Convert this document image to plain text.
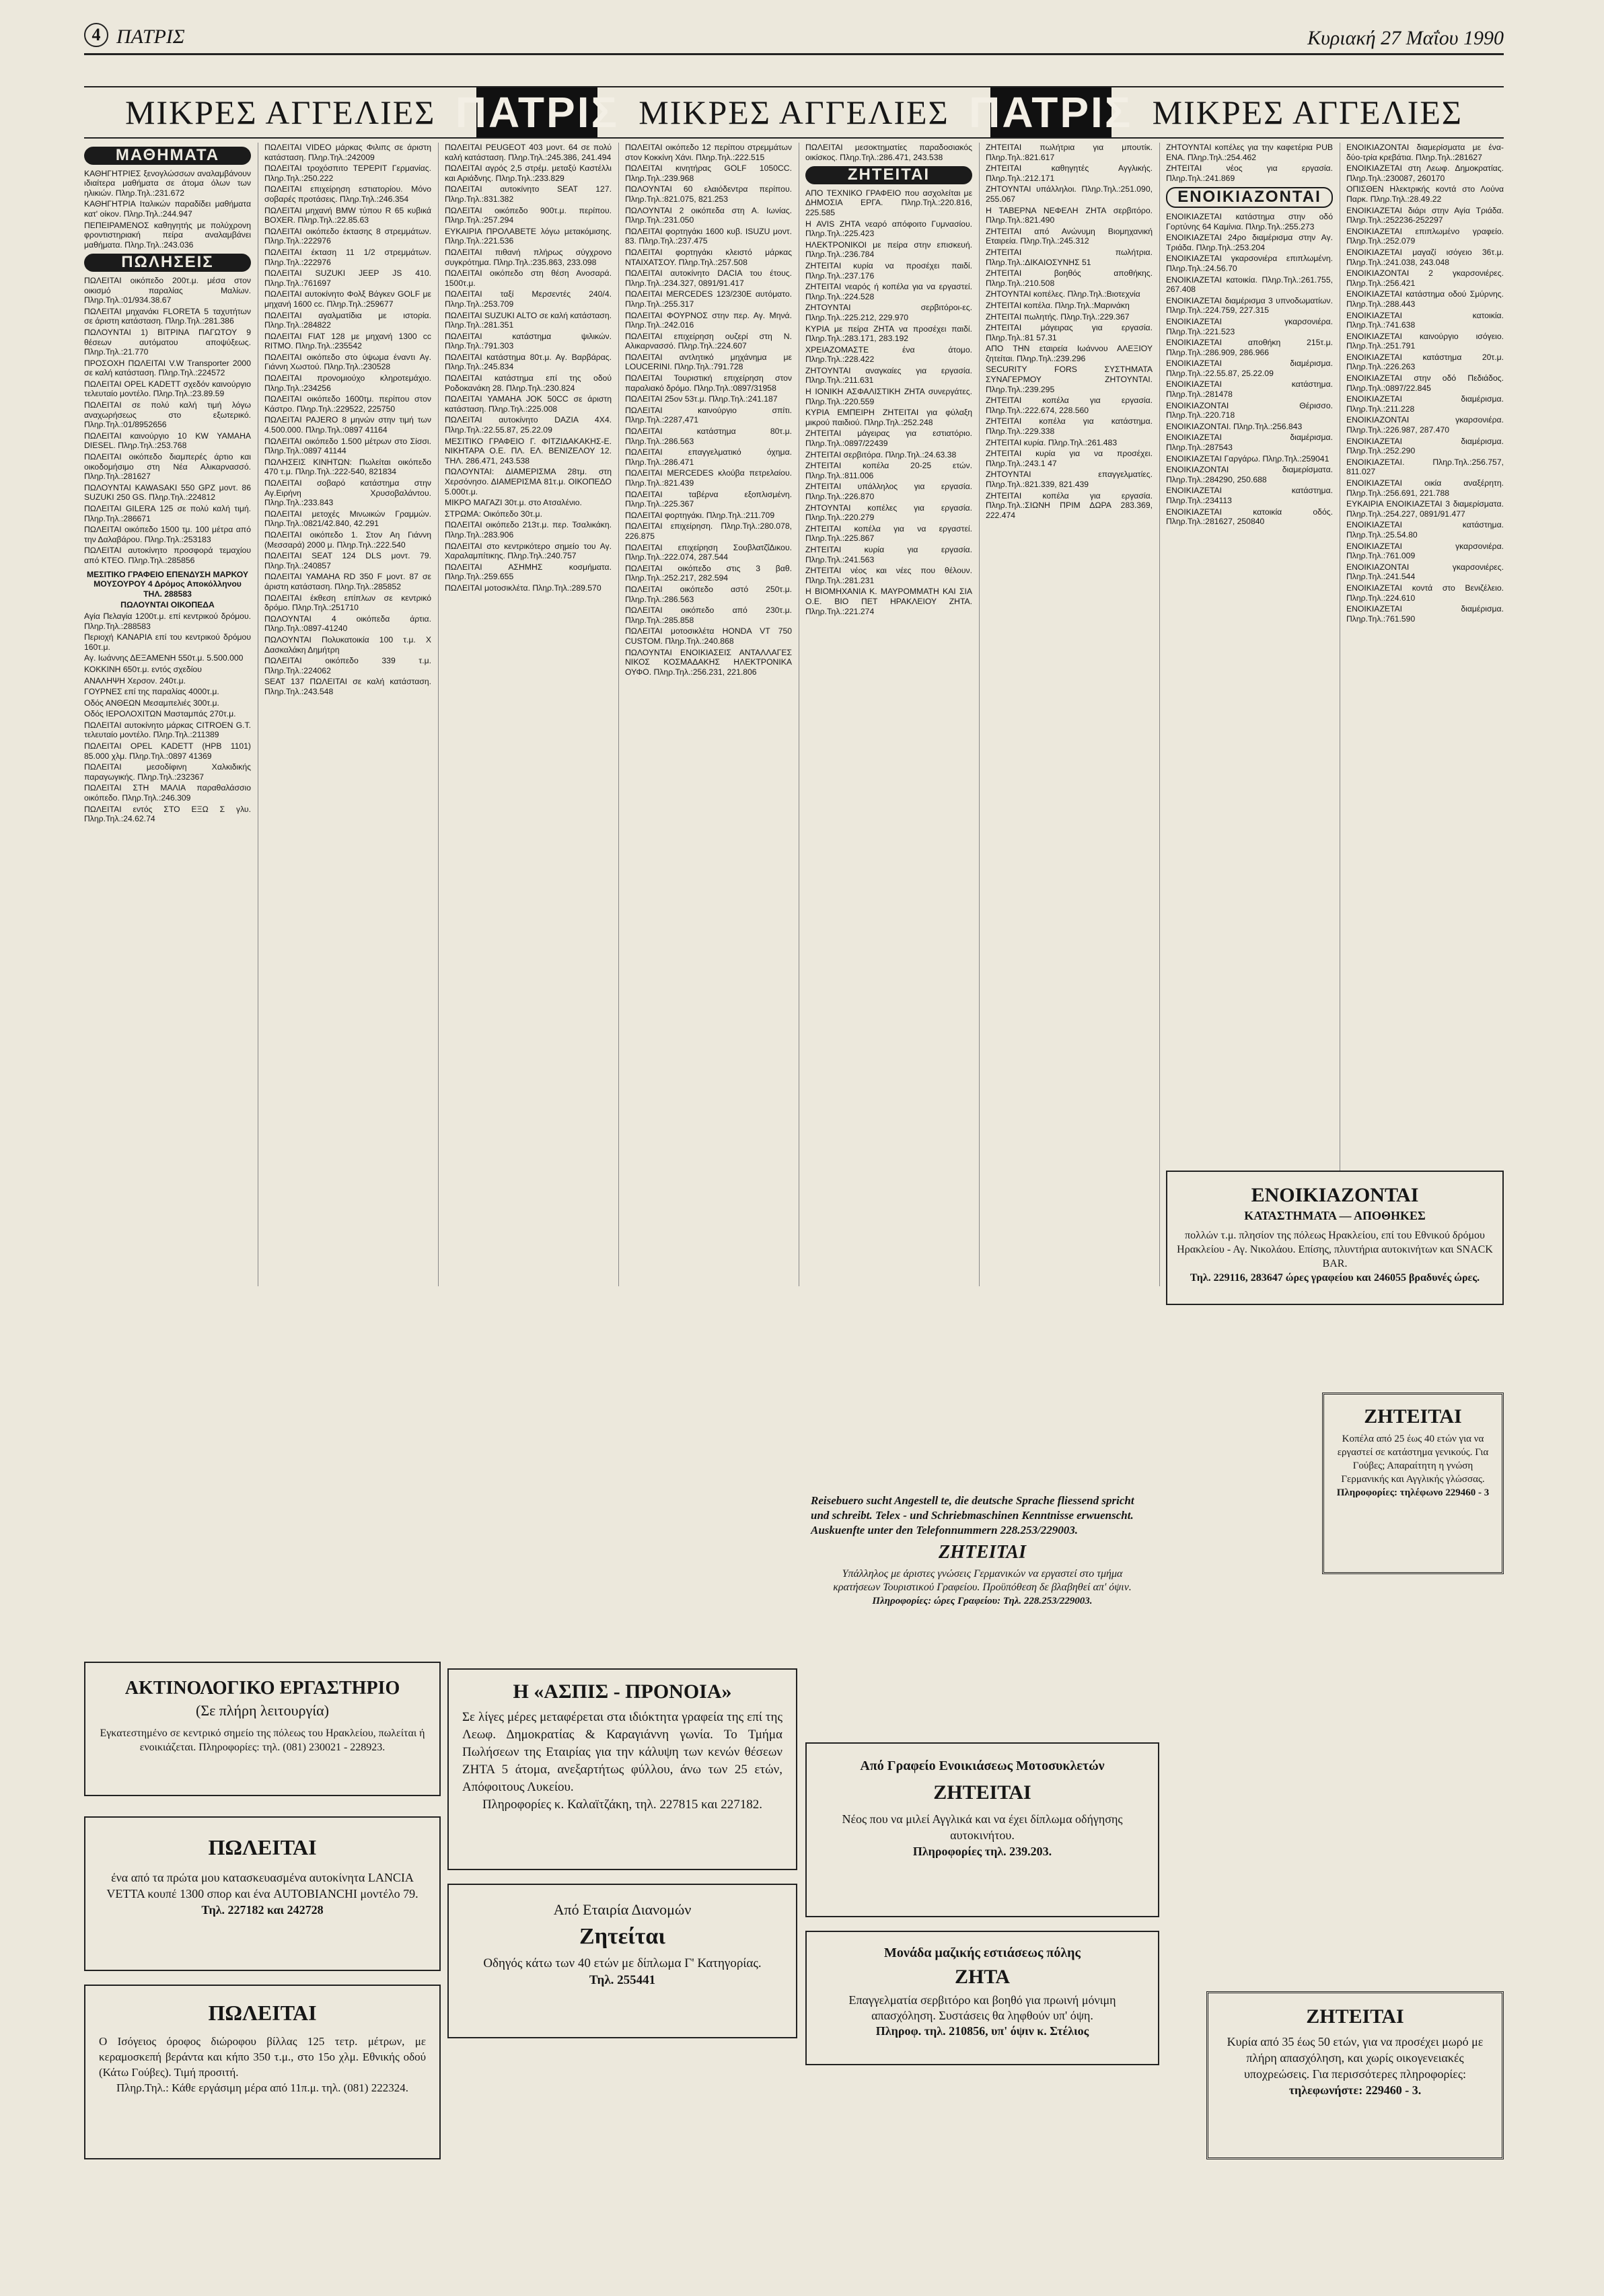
4 ΠΑΤΡΙΣ	Κυριακή 27 Μαΐου 1990
ΜΙΚΡΕΣ ΑΓΓΕΛΙΕΣ ΠΑΤΡΙΣ ΜΙΚΡΕΣ ΑΓΓΕΛΙΕΣ ΠΑΤΡΙΣ ΜΙΚΡΕΣ ΑΓΓΕΛΙΕΣ
ΜΑΘΗΜΑΤΑ

ΚΑΘΗΓΗΤΡΙΕΣ ξενογλώσσων αναλαμβάνουν ιδιαίτερα μαθήματα σε άτομα όλων των ηλικιών. Πληρ.Τηλ.:231.672

ΚΑΘΗΓΗΤΡΙΑ Ιταλικών παραδίδει μαθήματα κατ' οίκον. Πληρ.Τηλ.:244.947

ΠΕΠΕΙΡΑΜΕΝΟΣ καθηγητής με πολύχρονη φροντιστηριακή πείρα αναλαμβάνει μαθήματα. Πληρ.Τηλ.:243.036

ΠΩΛΗΣΕΙΣ

ΠΩΛΕΙΤΑΙ οικόπεδο 200τ.μ. μέσα στον οικισμό παραλίας Μαλίων. Πληρ.Τηλ.:01/934.38.67

ΠΩΛΕΙΤΑΙ μηχανάκι FLORETA 5 ταχυτήτων σε άριστη κατάσταση. Πληρ.Τηλ.:281.386

ΠΩΛΟΥΝΤΑΙ 1) ΒΙΤΡΙΝΑ ΠΑΓΩΤΟΥ 9 θέσεων αυτόματου αποψύξεως. Πληρ.Τηλ.:21.770

ΠΡΟΣΟΧΗ ΠΩΛΕΙΤΑΙ V.W Transporter 2000 σε καλή κατάσταση. Πληρ.Τηλ.:224572

ΠΩΛΕΙΤΑΙ OPEL KADETT σχεδόν καινούργιο τελευταίο μοντέλο. Πληρ.Τηλ.:23.89.59

ΠΩΛΕΙΤΑΙ σε πολύ καλή τιμή λόγω αναχωρήσεως στο εξωτερικό. Πληρ.Τηλ.:01/8952656

ΠΩΛΕΙΤΑΙ καινούργιο 10 KW YAMAHA DIESEL. Πληρ.Τηλ.:253.768

ΠΩΛΕΙΤΑΙ οικόπεδο διαμπερές άρτιο και οικοδομήσιμο στη Νέα Αλικαρνασσό. Πληρ.Τηλ.:281627

ΠΩΛΟΥΝΤΑΙ KAWASAKI 550 GPZ μοντ. 86 SUZUKI 250 GS. Πληρ.Τηλ.:224812

ΠΩΛΕΙΤΑΙ GILERA 125 σε πολύ καλή τιμή. Πληρ.Τηλ.:286671

ΠΩΛΕΙΤΑΙ οικόπεδο 1500 τμ. 100 μέτρα από την Δαλαβάρου. Πληρ.Τηλ.:253183

ΠΩΛΕΙΤΑΙ αυτοκίνητο προσφορά τεμαχίου από ΚΤΕΟ. Πληρ.Τηλ.:285856

ΜΕΣΙΤΙΚΟ ΓΡΑΦΕΙΟ ΕΠΕΝΔΥΣΗ ΜΑΡΚΟΥ ΜΟΥΣΟΥΡΟΥ 4 Δρόμος Αποκόλληνου ΤΗΛ. 288583

ΠΩΛΟΥΝΤΑΙ ΟΙΚΟΠΕΔΑ

Αγία Πελαγία 1200τ.μ. επί κεντρικού δρόμου. Πληρ.Τηλ.:288583

Περιοχή ΚΑΝΑΡΙΑ επί του κεντρικού δρόμου 160τ.μ.

Αγ. Ιωάννης ΔΕΞΑΜΕΝΗ 550τ.μ. 5.500.000

ΚΟΚΚΙΝΗ 650τ.μ. εντός σχεδίου

ΑΝΑΛΗΨΗ Χερσον. 240τ.μ.

ΓΟΥΡΝΕΣ επί της παραλίας 4000τ.μ.

Οδός ΑΝΘΕΩΝ Μεσαμπελιές 300τ.μ.

Οδός ΙΕΡΟΛΟΧΙΤΩΝ Μασταμπάς 270τ.μ.

ΠΩΛΕΙΤΑΙ αυτοκίνητο μάρκας CITROEN G.T. τελευταίο μοντέλο. Πληρ.Τηλ.:211389

ΠΩΛΕΙΤΑΙ OPEL KADETT (HPB 1101) 85.000 χλμ. Πληρ.Τηλ.:0897 41369

ΠΩΛΕΙΤΑΙ μεσοδίφινη Χαλκιδικής παραγωγικής. Πληρ.Τηλ.:232367

ΠΩΛΕΙΤΑΙ ΣΤΗ ΜΑΛΙΑ παραθαλάσσιο οικόπεδο. Πληρ.Τηλ.:246.309

ΠΩΛΕΙΤΑΙ εντός ΣΤΟ ΕΞΩ Σ γλυ. Πληρ.Τηλ.:24.62.74

ΠΩΛΕΙΤΑΙ VIDEO μάρκας Φιλιπς σε άριστη κατάσταση. Πληρ.Τηλ.:242009

ΠΩΛΕΙΤΑΙ τροχόσπιτο TEPEPIT Γερμανίας. Πληρ.Τηλ.:250.222

ΠΩΛΕΙΤΑΙ επιχείρηση εστιατορίου. Μόνο σοβαρές προτάσεις. Πληρ.Τηλ.:246.354

ΠΩΛΕΙΤΑΙ μηχανή BMW τύπου R 65 κυβικά BOXER. Πληρ.Τηλ.:22.85.63

ΠΩΛΕΙΤΑΙ οικόπεδο έκτασης 8 στρεμμάτων. Πληρ.Τηλ.:222976

ΠΩΛΕΙΤΑΙ έκταση 11 1/2 στρεμμάτων. Πληρ.Τηλ.:222976

ΠΩΛΕΙΤΑΙ SUZUKI JEEP JS 410. Πληρ.Τηλ.:761697

ΠΩΛΕΙΤΑΙ αυτοκίνητο Φολξ Βάγκεν GOLF με μηχανή 1600 cc. Πληρ.Τηλ.:259677

ΠΩΛΕΙΤΑΙ αγαλματίδια με ιστορία. Πληρ.Τηλ.:284822

ΠΩΛΕΙΤΑΙ FIAT 128 με μηχανή 1300 cc RITMO. Πληρ.Τηλ.:235542

ΠΩΛΕΙΤΑΙ οικόπεδο στο ύψωμα έναντι Αγ. Γιάννη Χωστού. Πληρ.Τηλ.:230528

ΠΩΛΕΙΤΑΙ προνομιούχο κληροτεμάχιο. Πληρ.Τηλ.:234256

ΠΩΛΕΙΤΑΙ οικόπεδο 1600τμ. περίπου στον Κάστρο. Πληρ.Τηλ.:229522, 225750

ΠΩΛΕΙΤΑΙ PAJERO 8 μηνών στην τιμή των 4.500.000. Πληρ.Τηλ.:0897 41164

ΠΩΛΕΙΤΑΙ οικόπεδο 1.500 μέτρων στο Σίσσι. Πληρ.Τηλ.:0897 41144

ΠΩΛΗΣΕΙΣ ΚΙΝΗΤΩΝ: Πωλείται οικόπεδο 470 τ.μ. Πληρ.Τηλ.:222-540, 821834

ΠΩΛΕΙΤΑΙ σοβαρό κατάστημα στην Αγ.Ειρήνη Χρυσοβαλάντου. Πληρ.Τηλ.:233.843

ΠΩΛΕΙΤΑΙ μετοχές Μινωικών Γραμμών. Πληρ.Τηλ.:0821/42.840, 42.291

ΠΩΛΕΙΤΑΙ οικόπεδο 1. Στον Αη Γιάννη (Μεσσαρά) 2000 μ. Πληρ.Τηλ.:222.540

ΠΩΛΕΙΤΑΙ SEAT 124 DLS μοντ. 79. Πληρ.Τηλ.:240857

ΠΩΛΕΙΤΑΙ YAMAHA RD 350 F μοντ. 87 σε άριστη κατάσταση. Πληρ.Τηλ.:285852

ΠΩΛΕΙΤΑΙ έκθεση επίπλων σε κεντρικό δρόμο. Πληρ.Τηλ.:251710

ΠΩΛΟΥΝΤΑΙ 4 οικόπεδα άρτια. Πληρ.Τηλ.:0897-41240

ΠΩΛΟΥΝΤΑΙ Πολυκατοικία 100 τ.μ. Χ Δασκαλάκη Δημήτρη

ΠΩΛΕΙΤΑΙ οικόπεδο 339 τ.μ. Πληρ.Τηλ.:224062

SEAT 137 ΠΩΛΕΙΤΑΙ σε καλή κατάσταση. Πληρ.Τηλ.:243.548

ΠΩΛΕΙΤΑΙ PEUGEOT 403 μοντ. 64 σε πολύ καλή κατάσταση. Πληρ.Τηλ.:245.386, 241.494

ΠΩΛΕΙΤΑΙ αγρός 2,5 στρέμ. μεταξύ Καστέλλι και Αριάδνης. Πληρ.Τηλ.:233.829

ΠΩΛΕΙΤΑΙ αυτοκίνητο SEAT 127. Πληρ.Τηλ.:831.382

ΠΩΛΕΙΤΑΙ οικόπεδο 900τ.μ. περίπου. Πληρ.Τηλ.:257.294

ΕΥΚΑΙΡΙΑ ΠΡΟΛΑΒΕΤΕ λόγω μετακόμισης. Πληρ.Τηλ.:221.536

ΠΩΛΕΙΤΑΙ πιθανή πλήρως σύγχρονο συγκρότημα. Πληρ.Τηλ.:235.863, 233.098

ΠΩΛΕΙΤΑΙ οικόπεδο στη θέση Ανοσαρά. 1500τ.μ.

ΠΩΛΕΙΤΑΙ ταξί Μερσεντές 240/4. Πληρ.Τηλ.:253.709

ΠΩΛΕΙΤΑΙ SUZUKI ALTO σε καλή κατάσταση. Πληρ.Τηλ.:281.351

ΠΩΛΕΙΤΑΙ κατάστημα ψιλικών. Πληρ.Τηλ.:791.303

ΠΩΛΕΙΤΑΙ κατάστημα 80τ.μ. Αγ. Βαρβάρας. Πληρ.Τηλ.:245.834

ΠΩΛΕΙΤΑΙ κατάστημα επί της οδού Ροδοκανάκη 28. Πληρ.Τηλ.:230.824

ΠΩΛΕΙΤΑΙ YAMAHA JOK 50CC σε άριστη κατάσταση. Πληρ.Τηλ.:225.008

ΠΩΛΕΙΤΑΙ αυτοκίνητο DAZIA 4X4. Πληρ.Τηλ.:22.55.87, 25.22.09

ΜΕΣΙΤΙΚΟ ΓΡΑΦΕΙΟ Γ. ΦΙΤΖΙΔΑΚΑΚΗΣ-Ε. ΝΙΚΗΤΑΡΑ Ο.Ε. ΠΛ. ΕΛ. ΒΕΝΙΖΕΛΟΥ 12. ΤΗΛ. 286.471, 243.538

ΠΩΛΟΥΝΤΑΙ: ΔΙΑΜΕΡΙΣΜΑ 28τμ. στη Χερσόνησο. ΔΙΑΜΕΡΙΣΜΑ 81τ.μ. ΟΙΚΟΠΕΔΟ 5.000τ.μ.

ΜΙΚΡΟ ΜΑΓΑΖΙ 30τ.μ. στο Ατσαλένιο.

ΣΤΡΩΜΑ: Οικόπεδο 30τ.μ.

ΠΩΛΕΙΤΑΙ οικόπεδο 213τ.μ. περ. Τσαλικάκη. Πληρ.Τηλ.:283.906

ΠΩΛΕΙΤΑΙ στο κεντρικότερο σημείο του Αγ. Χαραλαμπίτικης. Πληρ.Τηλ.:240.757

ΠΩΛΕΙΤΑΙ ΑΣΗΜΗΣ κοσμήματα. Πληρ.Τηλ.:259.655

ΠΩΛΕΙΤΑΙ μοτοσικλέτα. Πληρ.Τηλ.:289.570

ΠΩΛΕΙΤΑΙ οικόπεδο 12 περίπου στρεμμάτων στον Κοκκίνη Χάνι. Πληρ.Τηλ.:222.515

ΠΩΛΕΙΤΑΙ κινητήρας GOLF 1050CC. Πληρ.Τηλ.:239.968

ΠΩΛΟΥΝΤΑΙ 60 ελαιόδεντρα περίπου. Πληρ.Τηλ.:821.075, 821.253

ΠΩΛΟΥΝΤΑΙ 2 οικόπεδα στη Α. Ιωνίας. Πληρ.Τηλ.:231.050

ΠΩΛΕΙΤΑΙ φορτηγάκι 1600 κυβ. ISUZU μοντ. 83. Πληρ.Τηλ.:237.475

ΠΩΛΕΙΤΑΙ φορτηγάκι κλειστό μάρκας ΝΤΑΙΧΑΤΣΟΥ. Πληρ.Τηλ.:257.508

ΠΩΛΕΙΤΑΙ αυτοκίνητο DACIA του έτους. Πληρ.Τηλ.:234.327, 0891/91.417

ΠΩΛΕΙΤΑΙ MERCEDES 123/230E αυτόματο. Πληρ.Τηλ.:255.317

ΠΩΛΕΙΤΑΙ ΦΟΥΡΝΟΣ στην περ. Αγ. Μηνά. Πληρ.Τηλ.:242.016

ΠΩΛΕΙΤΑΙ επιχείρηση ουζερί στη Ν. Αλικαρνασσό. Πληρ.Τηλ.:224.607

ΠΩΛΕΙΤΑΙ αντλητικό μηχάνημα με LOUCERINI. Πληρ.Τηλ.:791.728

ΠΩΛΕΙΤΑΙ Τουριστική επιχείρηση στον παραλιακό δρόμο. Πληρ.Τηλ.:0897/31958

ΠΩΛΕΙΤΑΙ 25ον 53τ.μ. Πληρ.Τηλ.:241.187

ΠΩΛΕΙΤΑΙ καινούργιο σπίτι. Πληρ.Τηλ.:2287,471

ΠΩΛΕΙΤΑΙ κατάστημα 80τ.μ. Πληρ.Τηλ.:286.563

ΠΩΛΕΙΤΑΙ επαγγελματικό όχημα. Πληρ.Τηλ.:286.471

ΠΩΛΕΙΤΑΙ MERCEDES κλούβα πετρελαίου. Πληρ.Τηλ.:821.439

ΠΩΛΕΙΤΑΙ ταβέρνα εξοπλισμένη. Πληρ.Τηλ.:225.367

ΠΩΛΕΙΤΑΙ φορτηγάκι. Πληρ.Τηλ.:211.709

ΠΩΛΕΙΤΑΙ επιχείρηση. Πληρ.Τηλ.:280.078, 226.875

ΠΩΛΕΙΤΑΙ επιχείρηση ΣουβλατζΐΔικου. Πληρ.Τηλ.:222.074, 287.544

ΠΩΛΕΙΤΑΙ οικόπεδο στις 3 βαθ. Πληρ.Τηλ.:252.217, 282.594

ΠΩΛΕΙΤΑΙ οικόπεδο αστό 250τ.μ. Πληρ.Τηλ.:286.563

ΠΩΛΕΙΤΑΙ οικόπεδο από 230τ.μ. Πληρ.Τηλ.:285.858

ΠΩΛΕΙΤΑΙ μοτοσικλέτα HONDA VT 750 CUSTOM. Πληρ.Τηλ.:240.868

ΠΩΛΟΥΝΤΑΙ ΕΝΟΙΚΙΑΣΕΙΣ ΑΝΤΑΛΛΑΓΕΣ ΝΙΚΟΣ ΚΟΣΜΑΔΑΚΗΣ ΗΛΕΚΤΡΟΝΙΚΑ ΟΥΦΟ. Πληρ.Τηλ.:256.231, 221.806

ΠΩΛΕΙΤΑΙ μεσοκτηματίες παραδοσιακός οικίσκος. Πληρ.Τηλ.:286.471, 243.538

ΖΗΤΕΙΤΑΙ

ΑΠΟ ΤΕΧΝΙΚΟ ΓΡΑΦΕΙΟ που ασχολείται με ΔΗΜΟΣΙΑ ΕΡΓΑ. Πληρ.Τηλ.:220.816, 225.585

Η AVIS ΖΗΤΑ νεαρό απόφοιτο Γυμνασίου. Πληρ.Τηλ.:225.423

ΗΛΕΚΤΡΟΝΙΚΟΙ με πείρα στην επισκευή. Πληρ.Τηλ.:236.784

ΖΗΤΕΙΤΑΙ κυρία να προσέχει παιδί. Πληρ.Τηλ.:237.176

ΖΗΤΕΙΤΑΙ νεαρός ή κοπέλα για να εργαστεί. Πληρ.Τηλ.:224.528

ΖΗΤΟΥΝΤΑΙ σερβιτόροι-ες. Πληρ.Τηλ.:225.212, 229.970

ΚΥΡΙΑ με πείρα ΖΗΤΑ να προσέχει παιδί. Πληρ.Τηλ.:283.171, 283.192

ΧΡΕΙΑΖΟΜΑΣΤΕ ένα άτομο. Πληρ.Τηλ.:228.422

ΖΗΤΟΥΝΤΑΙ αναγκαίες για εργασία. Πληρ.Τηλ.:211.631

Η ΙΟΝΙΚΗ ΑΣΦΑΛΙΣΤΙΚΗ ΖΗΤΑ συνεργάτες. Πληρ.Τηλ.:220.559

ΚΥΡΙΑ ΕΜΠΕΙΡΗ ΖΗΤΕΙΤΑΙ για φύλαξη μικρού παιδιού. Πληρ.Τηλ.:252.248

ΖΗΤΕΙΤΑΙ μάγειρας για εστιατόριο. Πληρ.Τηλ.:0897/22439

ΖΗΤΕΙΤΑΙ σερβιτόρα. Πληρ.Τηλ.:24.63.38

ΖΗΤΕΙΤΑΙ κοπέλα 20-25 ετών. Πληρ.Τηλ.:811.006

ΖΗΤΕΙΤΑΙ υπάλληλος για εργασία. Πληρ.Τηλ.:226.870

ΖΗΤΟΥΝΤΑΙ κοπέλες για εργασία. Πληρ.Τηλ.:220.279

ΖΗΤΕΙΤΑΙ κοπέλα για να εργαστεί. Πληρ.Τηλ.:225.867

ΖΗΤΕΙΤΑΙ κυρία για εργασία. Πληρ.Τηλ.:241.563

ΖΗΤΕΙΤΑΙ νέος και νέες που θέλουν. Πληρ.Τηλ.:281.231

Η ΒΙΟΜΗΧΑΝΙΑ Κ. ΜΑΥΡΟΜΜΑΤΗ ΚΑΙ ΣΙΑ Ο.Ε. ΒΙΟ ΠΕΤ ΗΡΑΚΛΕΙΟΥ ΖΗΤΑ. Πληρ.Τηλ.:221.274

ΖΗΤΕΙΤΑΙ πωλήτρια για μπουτίκ. Πληρ.Τηλ.:821.617

ΖΗΤΕΙΤΑΙ καθηγητές Αγγλικής. Πληρ.Τηλ.:212.171

ΖΗΤΟΥΝΤΑΙ υπάλληλοι. Πληρ.Τηλ.:251.090, 255.067

Η ΤΑΒΕΡΝΑ ΝΕΦΕΛΗ ΖΗΤΑ σερβιτόρο. Πληρ.Τηλ.:821.490

ΖΗΤΕΙΤΑΙ από Ανώνυμη Βιομηχανική Εταιρεία. Πληρ.Τηλ.:245.312

ΖΗΤΕΙΤΑΙ πωλήτρια. Πληρ.Τηλ.:ΔΙΚΑΙΟΣΥΝΗΣ 51

ΖΗΤΕΙΤΑΙ βοηθός αποθήκης. Πληρ.Τηλ.:210.508

ΖΗΤΟΥΝΤΑΙ κοπέλες. Πληρ.Τηλ.:Βιοτεχνία

ΖΗΤΕΙΤΑΙ κοπέλα. Πληρ.Τηλ.:Μαρινάκη

ΖΗΤΕΙΤΑΙ πωλητής. Πληρ.Τηλ.:229.367

ΖΗΤΕΙΤΑΙ μάγειρας για εργασία. Πληρ.Τηλ.:81 57.31

ΑΠΟ ΤΗΝ εταιρεία Ιωάννου ΑΛΕΞΙΟΥ ζητείται. Πληρ.Τηλ.:239.296

SECURITY FORS ΣΥΣΤΗΜΑΤΑ ΣΥΝΑΓΕΡΜΟΥ ΖΗΤΟΥΝΤΑΙ. Πληρ.Τηλ.:239.295

ΖΗΤΕΙΤΑΙ κοπέλα για εργασία. Πληρ.Τηλ.:222.674, 228.560

ΖΗΤΕΙΤΑΙ κοπέλα για κατάστημα. Πληρ.Τηλ.:229.338

ΖΗΤΕΙΤΑΙ κυρία. Πληρ.Τηλ.:261.483

ΖΗΤΕΙΤΑΙ κυρία για να προσέχει. Πληρ.Τηλ.:243.1 47

ΖΗΤΟΥΝΤΑΙ επαγγελματίες. Πληρ.Τηλ.:821.339, 821.439

ΖΗΤΕΙΤΑΙ κοπέλα για εργασία. Πληρ.Τηλ.:ΣΙΩΝΗ ΠΡΙΜ ΔΩΡΑ 283.369, 222.474

ΖΗΤΟΥΝΤΑΙ κοπέλες για την καφετέρια PUB ENA. Πληρ.Τηλ.:254.462

ΖΗΤΕΙΤΑΙ νέος για εργασία. Πληρ.Τηλ.:241.869

ΕΝΟΙΚΙΑΖΟΝΤΑΙ

ΕΝΟΙΚΙΑΖΕΤΑΙ κατάστημα στην οδό Γορτύνης 64 Καμίνια. Πληρ.Τηλ.:255.273

ΕΝΟΙΚΙΑΖΕΤΑΙ 24ρο διαμέρισμα στην Αγ. Τριάδα. Πληρ.Τηλ.:253.204

ΕΝΟΙΚΙΑΖΕΤΑΙ γκαρσονιέρα επιπλωμένη. Πληρ.Τηλ.:24.56.70

ΕΝΟΙΚΙΑΖΕΤΑΙ κατοικία. Πληρ.Τηλ.:261.755, 267.408

ΕΝΟΙΚΙΑΖΕΤΑΙ διαμέρισμα 3 υπνοδωματίων. Πληρ.Τηλ.:224.759, 227.315

ΕΝΟΙΚΙΑΖΕΤΑΙ γκαρσονιέρα. Πληρ.Τηλ.:221.523

ΕΝΟΙΚΙΑΖΕΤΑΙ αποθήκη 215τ.μ. Πληρ.Τηλ.:286.909, 286.966

ΕΝΟΙΚΙΑΖΕΤΑΙ διαμέρισμα. Πληρ.Τηλ.:22.55.87, 25.22.09

ΕΝΟΙΚΙΑΖΕΤΑΙ κατάστημα. Πληρ.Τηλ.:281478

ΕΝΟΙΚΙΑΖΟΝΤΑΙ Θέρισσο. Πληρ.Τηλ.:220.718

ΕΝΟΙΚΙΑΖΟΝΤΑΙ. Πληρ.Τηλ.:256.843

ΕΝΟΙΚΙΑΖΕΤΑΙ διαμέρισμα. Πληρ.Τηλ.:287543

ΕΝΟΙΚΙΑΖΕΤΑΙ Γαργάρω. Πληρ.Τηλ.:259041

ΕΝΟΙΚΙΑΖΟΝΤΑΙ διαμερίσματα. Πληρ.Τηλ.:284290, 250.688

ΕΝΟΙΚΙΑΖΕΤΑΙ κατάστημα. Πληρ.Τηλ.:234113

ΕΝΟΙΚΙΑΖΕΤΑΙ κατοικία οδός. Πληρ.Τηλ.:281627, 250840

ΕΝΟΙΚΙΑΖΟΝΤΑΙ διαμερίσματα με ένα-δύο-τρία κρεβάτια. Πληρ.Τηλ.:281627

ΕΝΟΙΚΙΑΖΕΤΑΙ στη Λεωφ. Δημοκρατίας. Πληρ.Τηλ.:230087, 260170

ΟΠΙΣΘΕΝ Ηλεκτρικής κοντά στο Λούνα Παρκ. Πληρ.Τηλ.:28.49.22

ΕΝΟΙΚΙΑΖΕΤΑΙ διάρι στην Αγία Τριάδα. Πληρ.Τηλ.:252236-252297

ΕΝΟΙΚΙΑΖΕΤΑΙ επιπλωμένο γραφείο. Πληρ.Τηλ.:252.079

ΕΝΟΙΚΙΑΖΕΤΑΙ μαγαζί ισόγειο 36τ.μ. Πληρ.Τηλ.:241.038, 243.048

ΕΝΟΙΚΙΑΖΟΝΤΑΙ 2 γκαρσονιέρες. Πληρ.Τηλ.:256.421

ΕΝΟΙΚΙΑΖΕΤΑΙ κατάστημα οδού Σμύρνης. Πληρ.Τηλ.:288.443

ΕΝΟΙΚΙΑΖΕΤΑΙ κατοικία. Πληρ.Τηλ.:741.638

ΕΝΟΙΚΙΑΖΕΤΑΙ καινούργιο ισόγειο. Πληρ.Τηλ.:251.791

ΕΝΟΙΚΙΑΖΕΤΑΙ κατάστημα 20τ.μ. Πληρ.Τηλ.:226.263

ΕΝΟΙΚΙΑΖΕΤΑΙ στην οδό Πεδιάδος. Πληρ.Τηλ.:0897/22.845

ΕΝΟΙΚΙΑΖΕΤΑΙ διαμέρισμα. Πληρ.Τηλ.:211.228

ΕΝΟΙΚΙΑΖΟΝΤΑΙ γκαρσονιέρα. Πληρ.Τηλ.:226.987, 287.470

ΕΝΟΙΚΙΑΖΕΤΑΙ διαμέρισμα. Πληρ.Τηλ.:252.290

ΕΝΟΙΚΙΑΖΕΤΑΙ. Πληρ.Τηλ.:256.757, 811.027

ΕΝΟΙΚΙΑΖΕΤΑΙ οικία αναξέρητη. Πληρ.Τηλ.:256.691, 221.788

ΕΥΚΑΙΡΙΑ ΕΝΟΙΚΙΑΖΕΤΑΙ 3 διαμερίσματα. Πληρ.Τηλ.:254.227, 0891/91.477

ΕΝΟΙΚΙΑΖΕΤΑΙ κατάστημα. Πληρ.Τηλ.:25.54.80

ΕΝΟΙΚΙΑΖΕΤΑΙ γκαρσονιέρα. Πληρ.Τηλ.:761.009

ΕΝΟΙΚΙΑΖΟΝΤΑΙ γκαρσονιέρες. Πληρ.Τηλ.:241.544

ΕΝΟΙΚΙΑΖΕΤΑΙ κοντά στο Βενιζέλειο. Πληρ.Τηλ.:224.610

ΕΝΟΙΚΙΑΖΕΤΑΙ διαμέρισμα. Πληρ.Τηλ.:761.590

ΕΝΟΙΚΙΑΖΟΝΤΑΙ

ΚΑΤΑΣΤΗΜΑΤΑ — ΑΠΟΘΗΚΕΣ

πολλών τ.μ. πλησίον της πόλεως Ηρακλείου, επί του Εθνικού δρόμου Ηρακλείου - Αγ. Νικολάου. Επίσης, πλυντήρια αυτοκινήτων και SNACK BAR.

Τηλ. 229116, 283647 ώρες γραφείου και 246055 βραδυνές ώρες.

Reisebuero sucht Angestell te, die deutsche Sprache fliessend spricht und schreibt. Telex - und Schriebmaschinen Kenntnisse erwuenscht. Auskuenfte unter den Telefonnummern 228.253/229003.

ΖΗΤΕΙΤΑΙ

Υπάλληλος με άριστες γνώσεις Γερμανικών να εργαστεί στο τμήμα κρατήσεων Τουριστικού Γραφείου. Προϋπόθεση δε βλαβηθεί απ' όψιν.

Πληροφορίες: ώρες Γραφείου: Τηλ. 228.253/229003.

ΖΗΤΕΙΤΑΙ

Κοπέλα από 25 έως 40 ετών για να εργαστεί σε κατάστημα γενικούς. Για Γούβες; Απαραίτητη η γνώση Γερμανικής και Αγγλικής γλώσσας.

Πληροφορίες: τηλέφωνο 229460 - 3

ΑΚΤΙΝΟΛΟΓΙΚΟ ΕΡΓΑΣΤΗΡΙΟ

(Σε πλήρη λειτουργία)

Εγκατεστημένο σε κεντρικό σημείο της πόλεως του Ηρακλείου, πωλείται ή ενοικιάζεται. Πληροφορίες: τηλ. (081) 230021 - 228923.

Η «ΑΣΠΙΣ - ΠΡΟΝΟΙΑ»

Σε λίγες μέρες μεταφέρεται στα ιδιόκτητα γραφεία της επί της Λεωφ. Δημοκρατίας & Καραγιάννη γωνία. Το Τμήμα Πωλήσεων της Εταιρίας για την κάλυψη των κενών θέσεων ΖΗΤΑ 5 άτομα, ανεξαρτήτως φύλλου, άνω των 25 ετών, Απόφοιτους Λυκείου.

Πληροφορίες κ. Καλαϊτζάκη, τηλ. 227815 και 227182.

Από Γραφείο Ενοικιάσεως Μοτοσυκλετών

ΖΗΤΕΙΤΑΙ

Νέος που να μιλεί Αγγλικά και να έχει δίπλωμα οδήγησης αυτοκινήτου.

Πληροφορίες τηλ. 239.203.

ΖΗΤΕΙΤΑΙ

Κυρία από 35 έως 50 ετών, για να προσέχει μωρό με πλήρη απασχόληση, και χωρίς οικογενειακές υποχρεώσεις. Για περισσότερες πληροφορίες:

τηλεφωνήστε: 229460 - 3.

ΠΩΛΕΙΤΑΙ

ένα από τα πρώτα μου κατασκευασμένα αυτοκίνητα LANCIA VETTA κουπέ 1300 σπορ και ένα AUTOBIANCHI μοντέλο 79.

Τηλ. 227182 και 242728	Από Εταιρία Διανομών

Ζητείται

Οδηγός κάτω των 40 ετών με δίπλωμα Γ' Κατηγορίας.

Τηλ. 255441

Μονάδα μαζικής εστιάσεως πόλης

ΖΗΤΑ

Επαγγελματία σερβιτόρο και βοηθό για πρωινή μόνιμη απασχόληση. Συστάσεις θα ληφθούν υπ' όψη.

Πληροφ. τηλ. 210856, υπ' όψιν κ. Στέλιος

ΠΩΛΕΙΤΑΙ

Ο Ισόγειος όροφος διώροφου βίλλας 125 τετρ. μέτρων, με κεραμοσκεπή βεράντα και κήπο 350 τ.μ., στο 15ο χλμ. Εθνικής οδού (Κάτω Γούβες). Τιμή προσιτή.

Πληρ.Τηλ.: Κάθε εργάσιμη μέρα από 11π.μ. τηλ. (081) 222324.
